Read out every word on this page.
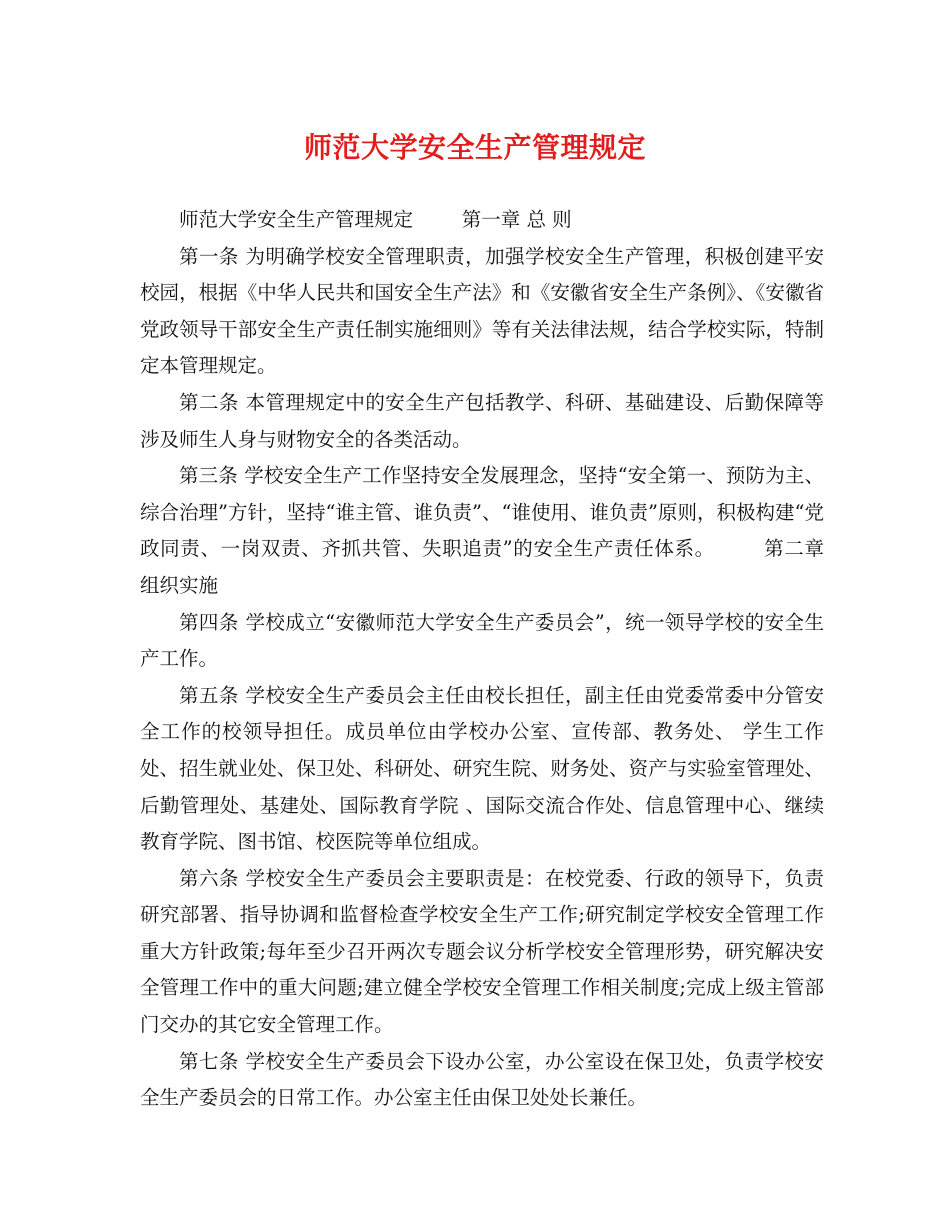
师范大学安全生产管理规定

师范大学安全生产管理规定	第一章 总 则

第一条 为明确学校安全管理职责，加强学校安全生产管理，积极创建平安校园，根据《中华人民共和国安全生产法》和《安徽省安全生产条例》、《安徽省党政领导干部安全生产责任制实施细则》等有关法律法规，结合学校实际，特制定本管理规定。

第二条 本管理规定中的安全生产包括教学、科研、基础建设、后勤保障等涉及师生人身与财物安全的各类活动。

第三条 学校安全生产工作坚持安全发展理念，坚持“安全第一、预防为主、综合治理”方针，坚持“谁主管、谁负责”、“谁使用、谁负责”原则，积极构建“党政同责、一岗双责、齐抓共管、失职追责”的安全生产责任体系。	第二章 组织实施

第四条 学校成立“安徽师范大学安全生产委员会”，统一领导学校的安全生产工作。

第五条 学校安全生产委员会主任由校长担任，副主任由党委常委中分管安全工作的校领导担任。成员单位由学校办公室、宣传部、教务处、 学生工作处、招生就业处、保卫处、科研处、研究生院、财务处、资产与实验室管理处、后勤管理处、基建处、国际教育学院 、国际交流合作处、信息管理中心、继续教育学院、图书馆、校医院等单位组成。

第六条 学校安全生产委员会主要职责是：在校党委、行政的领导下，负责研究部署、指导协调和监督检查学校安全生产工作;研究制定学校安全管理工作重大方针政策;每年至少召开两次专题会议分析学校安全管理形势，研究解决安全管理工作中的重大问题;建立健全学校安全管理工作相关制度;完成上级主管部门交办的其它安全管理工作。

第七条 学校安全生产委员会下设办公室，办公室设在保卫处，负责学校安全生产委员会的日常工作。办公室主任由保卫处处长兼任。
